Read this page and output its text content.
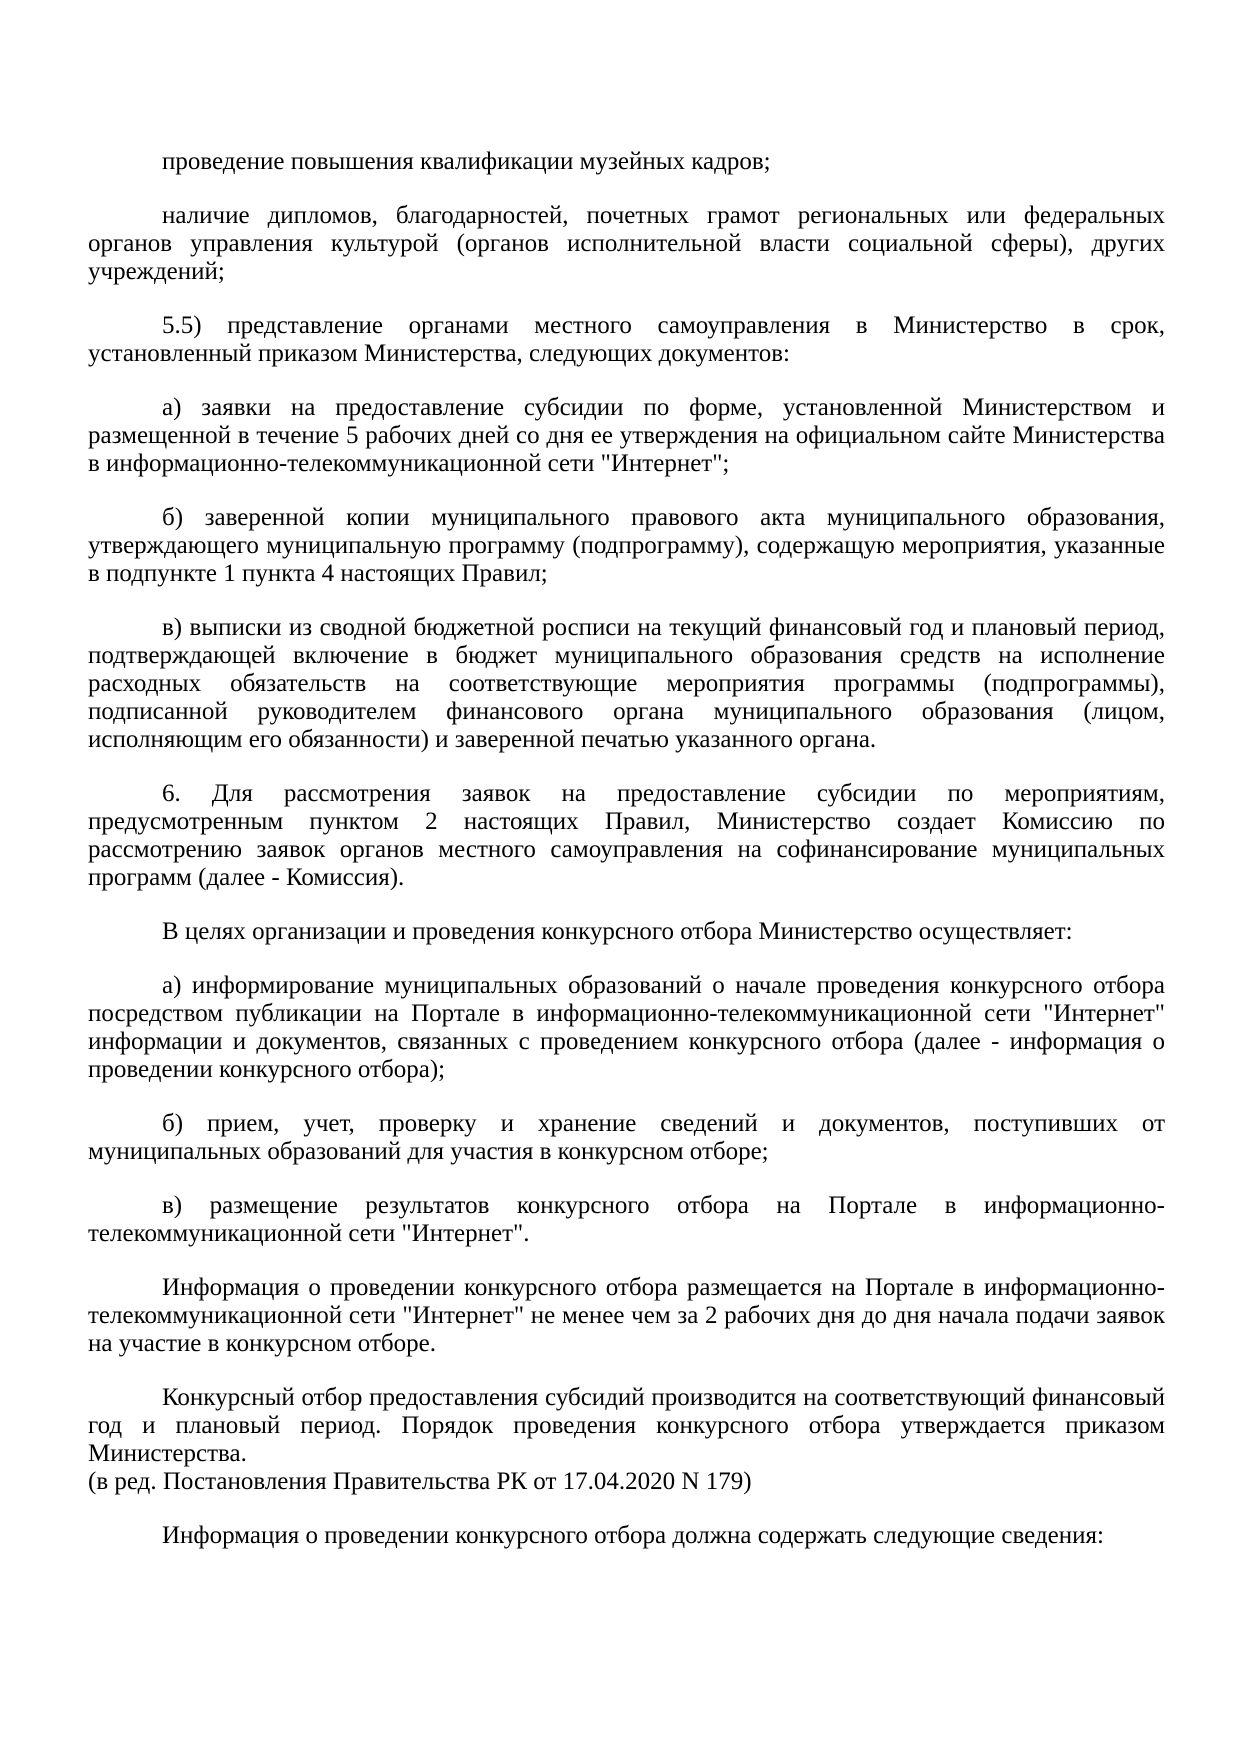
проведение повышения квалификации музейных кадров;

наличие дипломов, благодарностей, почетных грамот региональных или федеральных органов управления культурой (органов исполнительной власти социальной сферы), других учреждений;

5.5) представление органами местного самоуправления в Министерство в срок, установленный приказом Министерства, следующих документов:

а) заявки на предоставление субсидии по форме, установленной Министерством и размещенной в течение 5 рабочих дней со дня ее утверждения на официальном сайте Министерства в информационно-телекоммуникационной сети "Интернет";

б) заверенной копии муниципального правового акта муниципального образования, утверждающего муниципальную программу (подпрограмму), содержащую мероприятия, указанные в подпункте 1 пункта 4 настоящих Правил;

в) выписки из сводной бюджетной росписи на текущий финансовый год и плановый период, подтверждающей включение в бюджет муниципального образования средств на исполнение расходных обязательств на соответствующие мероприятия программы (подпрограммы), подписанной руководителем финансового органа муниципального образования (лицом, исполняющим его обязанности) и заверенной печатью указанного органа.

6. Для рассмотрения заявок на предоставление субсидии по мероприятиям, предусмотренным пунктом 2 настоящих Правил, Министерство создает Комиссию по рассмотрению заявок органов местного самоуправления на софинансирование муниципальных программ (далее - Комиссия).

В целях организации и проведения конкурсного отбора Министерство осуществляет:

а) информирование муниципальных образований о начале проведения конкурсного отбора посредством публикации на Портале в информационно-телекоммуникационной сети "Интернет" информации и документов, связанных с проведением конкурсного отбора (далее - информация о проведении конкурсного отбора);

б) прием, учет, проверку и хранение сведений и документов, поступивших от муниципальных образований для участия в конкурсном отборе;

в) размещение результатов конкурсного отбора на Портале в информационно-телекоммуникационной сети "Интернет".

Информация о проведении конкурсного отбора размещается на Портале в информационно-телекоммуникационной сети "Интернет" не менее чем за 2 рабочих дня до дня начала подачи заявок на участие в конкурсном отборе.

Конкурсный отбор предоставления субсидий производится на соответствующий финансовый год и плановый период. Порядок проведения конкурсного отбора утверждается приказом Министерства.

(в ред. Постановления Правительства РК от 17.04.2020 N 179)

Информация о проведении конкурсного отбора должна содержать следующие сведения:
